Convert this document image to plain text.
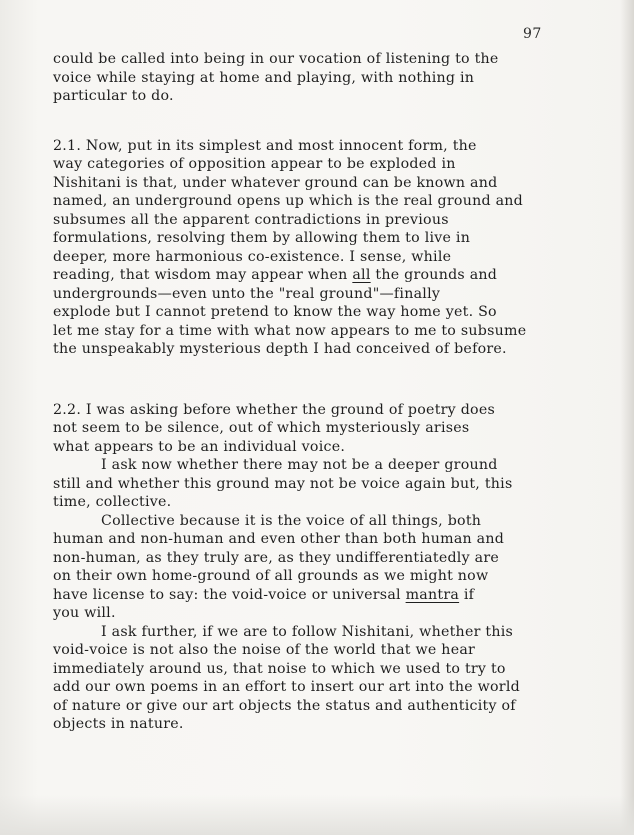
97
could be called into being in our vocation of listening to the
voice while staying at home and playing, with nothing in
particular to do.
2.1. Now, put in its simplest and most innocent form, the
way categories of opposition appear to be exploded in
Nishitani is that, under whatever ground can be known and
named, an underground opens up which is the real ground and
subsumes all the apparent contradictions in previous
formulations, resolving them by allowing them to live in
deeper, more harmonious co-existence. I sense, while
reading, that wisdom may appear when all the grounds and
undergrounds—even unto the "real ground"—finally
explode but I cannot pretend to know the way home yet. So
let me stay for a time with what now appears to me to subsume
the unspeakably mysterious depth I had conceived of before.
2.2. I was asking before whether the ground of poetry does
not seem to be silence, out of which mysteriously arises
what appears to be an individual voice.
I ask now whether there may not be a deeper ground
still and whether this ground may not be voice again but, this
time, collective.
Collective because it is the voice of all things, both
human and non-human and even other than both human and
non-human, as they truly are, as they undifferentiatedly are
on their own home-ground of all grounds as we might now
have license to say: the void-voice or universal mantra if
you will.
I ask further, if we are to follow Nishitani, whether this
void-voice is not also the noise of the world that we hear
immediately around us, that noise to which we used to try to
add our own poems in an effort to insert our art into the world
of nature or give our art objects the status and authenticity of
objects in nature.
